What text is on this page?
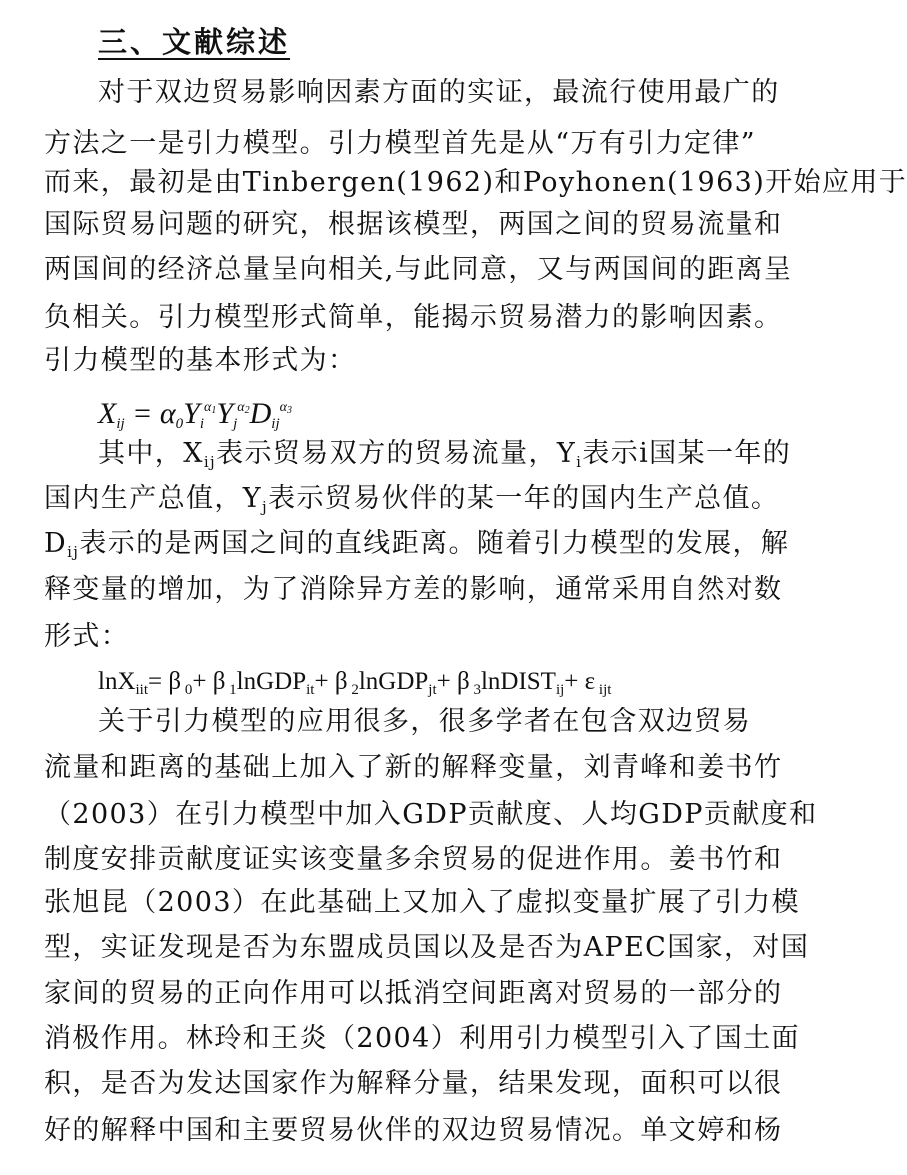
三、文献综述
对于双边贸易影响因素方面的实证，最流行使用最广的
方法之一是引力模型。引力模型首先是从“万有引力定律”
而来，最初是由Tinbergen(1962)和Poyhonen(1963)开始应用于
国际贸易问题的研究，根据该模型，两国之间的贸易流量和
两国间的经济总量呈向相关,与此同意，又与两国间的距离呈
负相关。引力模型形式简单，能揭示贸易潜力的影响因素。
引力模型的基本形式为：
$X_{ij} = \alpha_0Y_i^{\alpha 1}Y_j^{\alpha 2}D_{ij}^{\alpha 3}$
其中，$X_{ij}$表示贸易双方的贸易流量，$Y_i$表示i国某一年的
国内生产总值，$Y_j$表示贸易伙伴的某一年的国内生产总值。
$D_{ij}$表示的是两国之间的直线距离。随着引力模型的发展，解
释变量的增加，为了消除异方差的影响，通常采用自然对数
形式：
lnX$_{iit}$= β $_0$+ β $_1$lnGDP$_{it}$+ β $_2$lnGDP$_{jt}$+ β $_3$lnDIST$_{ij}$+ ε $_{ijt}$
关于引力模型的应用很多，很多学者在包含双边贸易
流量和距离的基础上加入了新的解释变量，刘青峰和姜书竹
（2003）在引力模型中加入GDP贡献度、人均GDP贡献度和
制度安排贡献度证实该变量多余贸易的促进作用。姜书竹和
张旭昆（2003）在此基础上又加入了虚拟变量扩展了引力模
型，实证发现是否为东盟成员国以及是否为APEC国家，对国
家间的贸易的正向作用可以抵消空间距离对贸易的一部分的
消极作用。林玲和王炎（2004）利用引力模型引入了国土面
积，是否为发达国家作为解释分量，结果发现，面积可以很
好的解释中国和主要贸易伙伴的双边贸易情况。单文婷和杨
